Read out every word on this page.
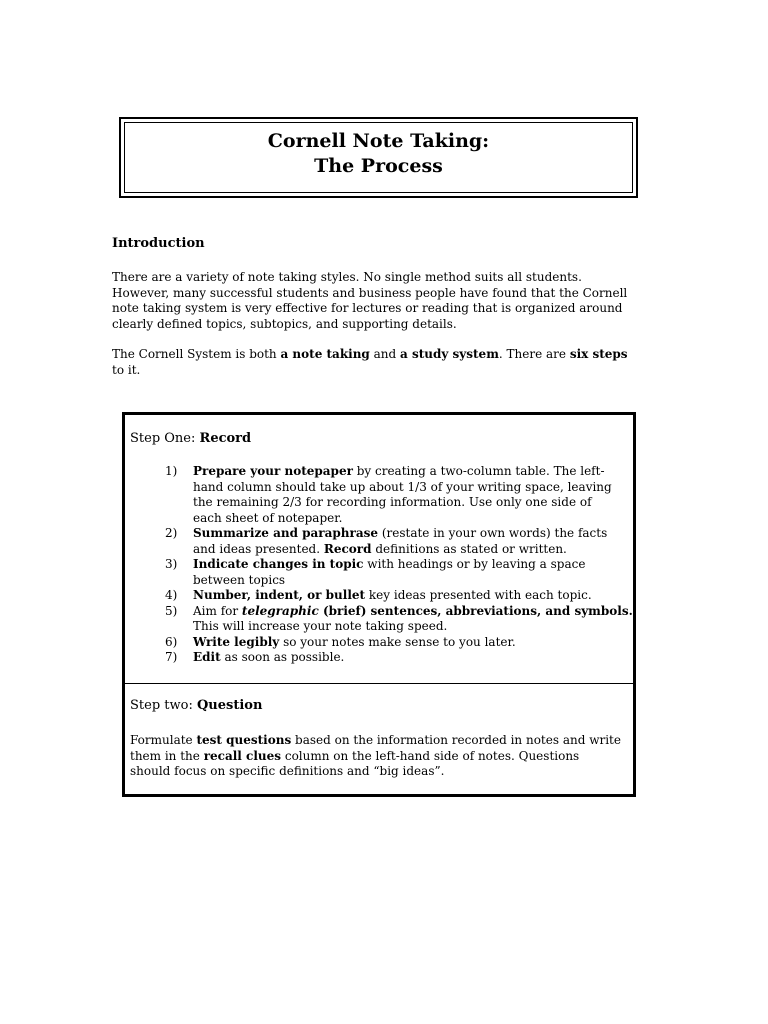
Cornell Note Taking:
The Process
Introduction
There are a variety of note taking styles. No single method suits all students.
However, many successful students and business people have found that the Cornell
note taking system is very effective for lectures or reading that is organized around
clearly defined topics, subtopics, and supporting details.
The Cornell System is both a note taking and a study system. There are six steps
to it.
Step One: Record
1) Prepare your notepaper by creating a two-column table. The left-
hand column should take up about 1/3 of your writing space, leaving
the remaining 2/3 for recording information. Use only one side of
each sheet of notepaper.
2) Summarize and paraphrase (restate in your own words) the facts
and ideas presented. Record definitions as stated or written.
3) Indicate changes in topic with headings or by leaving a space
between topics
4) Number, indent, or bullet key ideas presented with each topic.
5) Aim for telegraphic (brief) sentences, abbreviations, and symbols.
This will increase your note taking speed.
6) Write legibly so your notes make sense to you later.
7) Edit as soon as possible.
Step two: Question
Formulate test questions based on the information recorded in notes and write
them in the recall clues column on the left-hand side of notes. Questions
should focus on specific definitions and “big ideas”.
